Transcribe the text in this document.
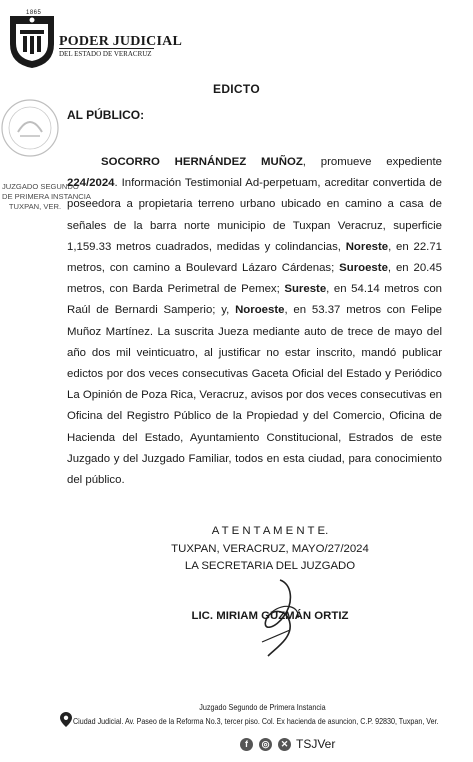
1865
PODER JUDICIAL
DEL ESTADO DE VERACRUZ
JUZGADO SEGUNDO
DE PRIMERA INSTANCIA
TUXPAN, VER.
EDICTO
AL PÚBLICO:
SOCORRO HERNÁNDEZ MUÑOZ, promueve expediente 224/2024. Información Testimonial Ad-perpetuam, acreditar convertida de poseedora a propietaria terreno urbano ubicado en camino a casa de señales de la barra norte municipio de Tuxpan Veracruz, superficie 1,159.33 metros cuadrados, medidas y colindancias, Noreste, en 22.71 metros, con camino a Boulevard Lázaro Cárdenas; Suroeste, en 20.45 metros, con Barda Perimetral de Pemex; Sureste, en 54.14 metros con Raúl de Bernardi Samperio; y, Noroeste, en 53.37 metros con Felipe Muñoz Martínez. La suscrita Jueza mediante auto de trece de mayo del año dos mil veinticuatro, al justificar no estar inscrito, mandó publicar edictos por dos veces consecutivas Gaceta Oficial del Estado y Periódico La Opinión de Poza Rica, Veracruz, avisos por dos veces consecutivas en Oficina del Registro Público de la Propiedad y del Comercio, Oficina de Hacienda del Estado, Ayuntamiento Constitucional, Estrados de este Juzgado y del Juzgado Familiar, todos en esta ciudad, para conocimiento del público.
A T E N T A M E N T E.
TUXPAN, VERACRUZ, MAYO/27/2024
LA SECRETARIA DEL JUZGADO
LIC. MIRIAM GUZMÁN ORTIZ
Juzgado Segundo de Primera Instancia
Ciudad Judicial. Av. Paseo de la Reforma No.3, tercer piso. Col. Ex hacienda de asuncion, C.P. 92830, Tuxpan, Ver.
f	◎	✕ TSJVer
